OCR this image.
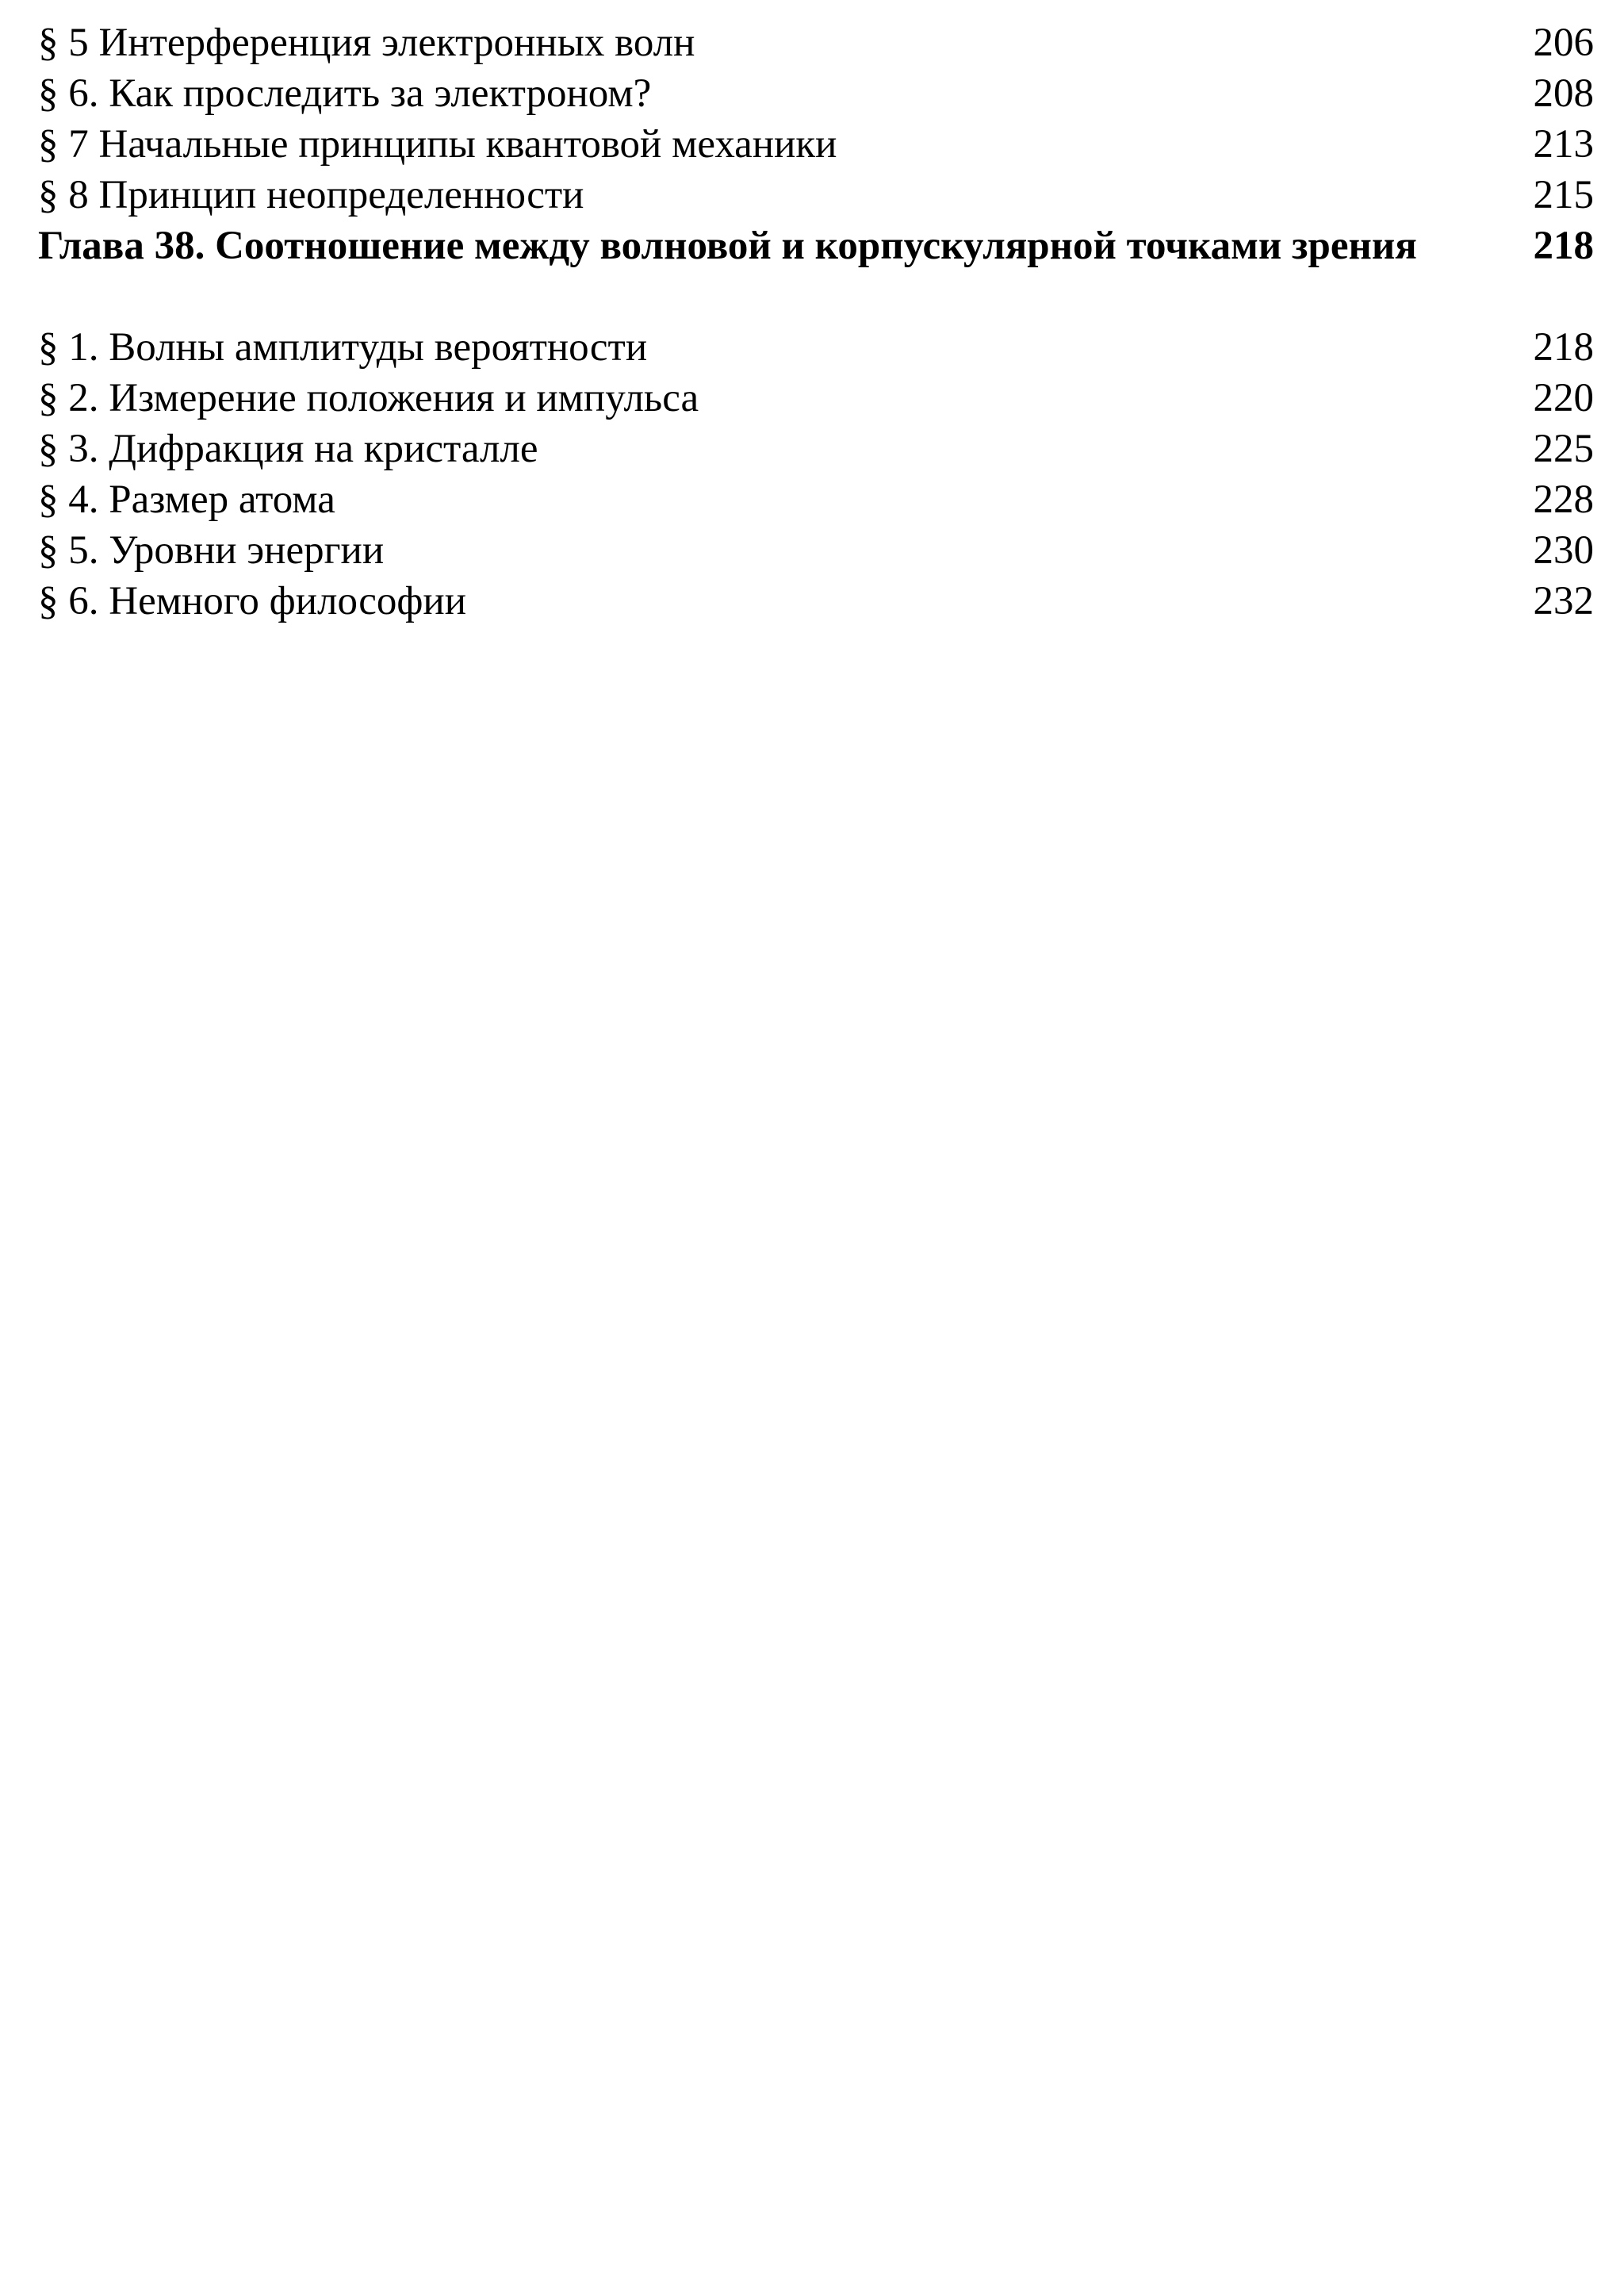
§ 5 Интерференция электронных волн	206
§ 6. Как проследить за электроном?	208
§ 7 Начальные принципы квантовой механики	213
§ 8 Принцип неопределенности	215
Глава 38. Соотношение между волновой и корпускулярной точками зрения	218
§ 1. Волны амплитуды вероятности	218
§ 2. Измерение положения и импульса	220
§ 3. Дифракция на кристалле	225
§ 4. Размер атома	228
§ 5. Уровни энергии	230
§ 6. Немного философии	232
